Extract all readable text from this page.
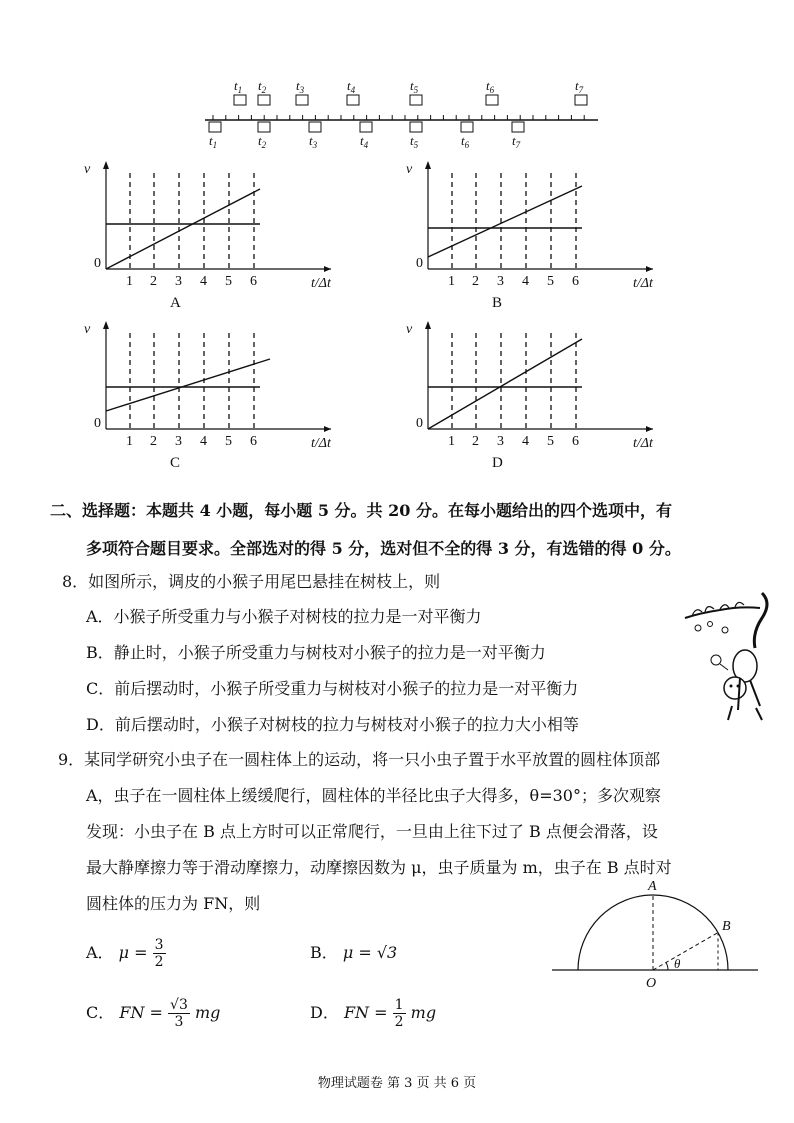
$t_1$ $t_2$ $t_3$	$t_4$	$t_5$	$t_6$	$t_7$
$t_1$	$t_2$	$t_3$	$t_4$	$t_5$	$t_6$	$t_7$
1 2 3 4 5 6
0
v
t/Δt
A
1 2 3 4 5 6
0
v
t/Δt
B
1 2 3 4 5 6
0
v
t/Δt
C
1 2 3 4 5 6
0
v
t/Δt
D
二、选择题：本题共 4 小题，每小题 5 分。共 20 分。在每小题给出的四个选项中，有
多项符合题目要求。全部选对的得 5 分，选对但不全的得 3 分，有选错的得 0 分。
8．如图所示，调皮的小猴子用尾巴悬挂在树枝上，则
A．小猴子所受重力与小猴子对树枝的拉力是一对平衡力
B．静止时，小猴子所受重力与树枝对小猴子的拉力是一对平衡力
C．前后摆动时，小猴子所受重力与树枝对小猴子的拉力是一对平衡力
D．前后摆动时，小猴子对树枝的拉力与树枝对小猴子的拉力大小相等
9．某同学研究小虫子在一圆柱体上的运动，将一只小虫子置于水平放置的圆柱体顶部
A，虫子在一圆柱体上缓缓爬行，圆柱体的半径比虫子大得多，θ=30°；多次观察
发现：小虫子在 B 点上方时可以正常爬行，一旦由上往下过了 B 点便会滑落，设
最大静摩擦力等于滑动摩擦力，动摩擦因数为 μ，虫子质量为 m，虫子在 B 点时对
圆柱体的压力为 FN，则
A． $\mu = \frac{3}{2}$	B． μ = √3
C． FN = $\frac{√3}{3}$ mg	D． FN = $\frac{1}{2}$ mg
A
B
O
θ
物理试题卷 第 3 页 共 6 页
